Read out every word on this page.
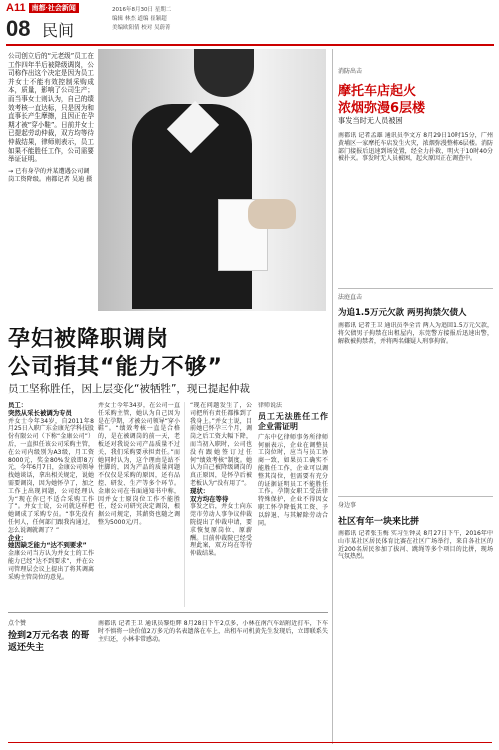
A11 南都·社会新闻
08 民间
2016年8月30日 星期二
编辑 林杰 道编 崔颖超
美编欧阳倩 校对 吴蔚菁
公司创立后的“元老级”员工在工作四年半后被降级调岗，公司称作出这个决定是因为员工并女士不能有效控制采购成本，质量，影响了公司生产；而当事女士则认为，自己的绩效考核一直达标，只是因为和直事长产生摩擦，且因正在孕期才被“穿小鞋”。日前并女士已提起劳动仲裁，双方均等待仲裁结果，律师则表示，员工如果不能胜任工作，公司需要举证证明。
→ 已有身孕的并某遭遇公司调岗工资降级。南都记者 吴迪 摄
孕妇被降职调岗
公司指其“能力不够”
员工坚称胜任，因上层变化“被牺牲”，现已提起仲裁

员工：

突然从采长被调为专员

并女士今年34岁，自2011年8月25日入职广东金康光学科技股份有限公司（下称“金康公司”）后，一直担任该公司采购主管，在公司内级别为A3级，月工资8000元，奖金80%发放即8万元，今年6月7日，金康公司领导找她谈话，拿出相关规定，说她需要调岗，因为她怀孕了，加之工作上出现问题，公司经理认为“现在你已不适合采购工作了”。并女士说，公司就这样把她调成了采购专员。“事先没有任何人，任何部门跟我沟通过，怎么说调就调了？”

企业：

她因缺乏能力“达不到要求”

金康公司当方认为并女士的工作能力已经“达不到要求”，并在公司管理层会议上提出了将其调离采购主管岗位的意见。

并女士今年34岁，在公司一直任采购主管，她认为自己因为是在孕期，才被公司领导“穿小鞋”。“绩效考核一直是合格的，是在被调岗的前一天，老板还对我说公司产品质量不过关，我们采购要承担责任。”而她同时认为，这个理由是站不住脚的，因为产品的质量问题不仅仅是采购的原因，还有品控、研发、生产等多个环节。金康公司在书面通知书中称，因并女士原岗位工作不能胜任，经公司研究决定调岗，根据公司规定，其薪资也随之调整为5000元/月。

“现在问题发生了，公司把所有责任都推到了我身上。”并女士说，目前她已怀孕三个月，调岗之后工资大幅下降，而当初入职时，公司也没有跟她签订过任何“绩效考核”制度。她认为自己被降级调岗的真正原因，是怀孕后被老板认为“没有用了”。

现状：

双方均在等待

事发之后，并女士向东莞市劳动人事争议仲裁院提出了仲裁申请，要求恢复原岗位、原薪酬。目前仲裁院已经受理此案，双方均在等待仲裁结果。

律师说法

员工无法胜任工作 企业需证明

广东中亿律师事务所律师何丽表示，企业在调整员工岗位时，应当与员工协商一致，如果员工确实不能胜任工作，企业可以调整其岗位，但需要有充分的证据证明员工不能胜任工作。孕期女职工受法律特殊保护，企业不得因女职工怀孕降低其工资、予以辞退、与其解除劳动合同。

点个赞
捡到2万元名表 的哥返还失主
南都讯 记者王卫 通讯员黎炬辉 8月28日下午2点多，小林在南汽车站附近打车，下车时不慎将一块价值2万多元的名表遗落在车上，出租车司机黄先生发现后，立即联系失主归还，小林非常感动。
消防出击
摩托车店起火
浓烟弥漫6层楼
事发当时无人员被困
南都讯 记者孟雄 通讯员李文方 8月29日10时15分，广州黄埔区一家摩托车店发生火灾，浓烟弥漫整栋6层楼。消防部门接报后迅速到场处置，经全力扑救，明火于10时40分被扑灭。事发时无人员被困，起火原因正在调查中。
法庭直击
为追1.5万元欠款 两男拘禁欠债人
南都讯 记者王卫 通讯员李全音 两人为追回1.5万元欠款，将欠债男子拘禁在出租屋内，东莞警方接报后迅速出警，解救被拘禁者，并将两名嫌疑人刑事拘留。
身边事
社区有年一块来比拼
南都讯 记者张玉梅 实习生钟灵 8月27日下午，2016年中山市某社区居民体育比赛在社区广场举行，来自各社区的近200名居民参加了拔河、跳绳等多个项目的比拼，现场气氛热烈。
